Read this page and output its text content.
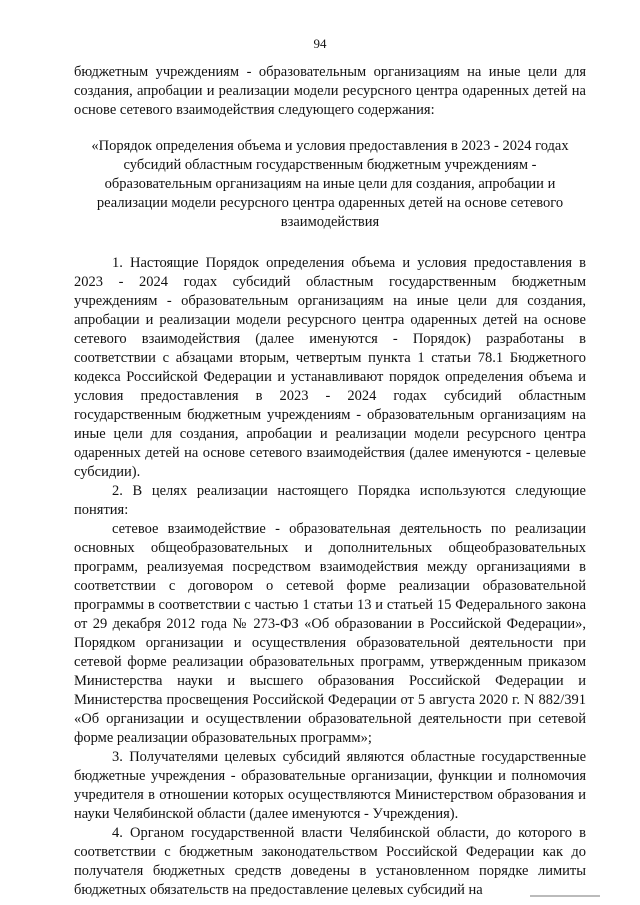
94

бюджетным учреждениям - образовательным организациям на иные цели для создания, апробации и реализации модели ресурсного центра одаренных детей на основе сетевого взаимодействия следующего содержания:

«Порядок определения объема и условия предоставления в 2023 - 2024 годах субсидий областным государственным бюджетным учреждениям - образовательным организациям на иные цели для создания, апробации и реализации модели ресурсного центра одаренных детей на основе сетевого взаимодействия

1. Настоящие Порядок определения объема и условия предоставления в 2023 - 2024 годах субсидий областным государственным бюджетным учреждениям - образовательным организациям на иные цели для создания, апробации и реализации модели ресурсного центра одаренных детей на основе сетевого взаимодействия (далее именуются - Порядок) разработаны в соответствии с абзацами вторым, четвертым пункта 1 статьи 78.1 Бюджетного кодекса Российской Федерации и устанавливают порядок определения объема и условия предоставления в 2023 - 2024 годах субсидий областным государственным бюджетным учреждениям - образовательным организациям на иные цели для создания, апробации и реализации модели ресурсного центра одаренных детей на основе сетевого взаимодействия (далее именуются - целевые субсидии).

2. В целях реализации настоящего Порядка используются следующие понятия:

сетевое взаимодействие - образовательная деятельность по реализации основных общеобразовательных и дополнительных общеобразовательных программ, реализуемая посредством взаимодействия между организациями в соответствии с договором о сетевой форме реализации образовательной программы в соответствии с частью 1 статьи 13 и статьей 15 Федерального закона от 29 декабря 2012 года № 273-ФЗ «Об образовании в Российской Федерации», Порядком организации и осуществления образовательной деятельности при сетевой форме реализации образовательных программ, утвержденным приказом Министерства науки и высшего образования Российской Федерации и Министерства просвещения Российской Федерации от 5 августа 2020 г. N 882/391 «Об организации и осуществлении образовательной деятельности при сетевой форме реализации образовательных программ»;

3. Получателями целевых субсидий являются областные государственные бюджетные учреждения - образовательные организации, функции и полномочия учредителя в отношении которых осуществляются Министерством образования и науки Челябинской области (далее именуются - Учреждения).

4. Органом государственной власти Челябинской области, до которого в соответствии с бюджетным законодательством Российской Федерации как до получателя бюджетных средств доведены в установленном порядке лимиты бюджетных обязательств на предоставление целевых субсидий на
